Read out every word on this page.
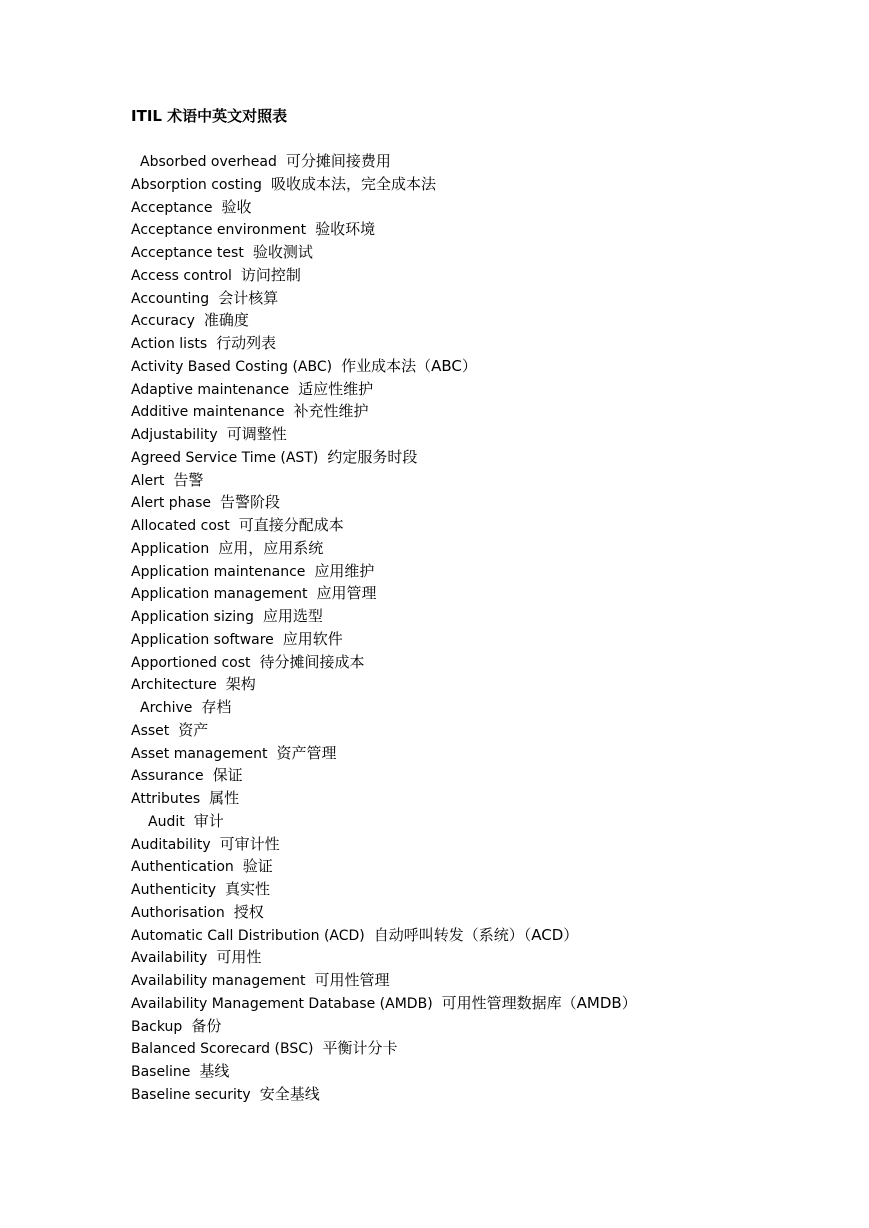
ITIL 术语中英文对照表
Absorbed overhead 可分摊间接费用
Absorption costing 吸收成本法，完全成本法
Acceptance 验收
Acceptance environment 验收环境
Acceptance test 验收测试
Access control 访问控制
Accounting 会计核算
Accuracy 准确度
Action lists 行动列表
Activity Based Costing (ABC) 作业成本法（ABC）
Adaptive maintenance 适应性维护
Additive maintenance 补充性维护
Adjustability 可调整性
Agreed Service Time (AST) 约定服务时段
Alert 告警
Alert phase 告警阶段
Allocated cost 可直接分配成本
Application 应用，应用系统
Application maintenance 应用维护
Application management 应用管理
Application sizing 应用选型
Application software 应用软件
Apportioned cost 待分摊间接成本
Architecture 架构
Archive 存档
Asset 资产
Asset management 资产管理
Assurance 保证
Attributes 属性
Audit 审计
Auditability 可审计性
Authentication 验证
Authenticity 真实性
Authorisation 授权
Automatic Call Distribution (ACD) 自动呼叫转发（系统）（ACD）
Availability 可用性
Availability management 可用性管理
Availability Management Database (AMDB) 可用性管理数据库（AMDB）
Backup 备份
Balanced Scorecard (BSC) 平衡计分卡
Baseline 基线
Baseline security 安全基线
